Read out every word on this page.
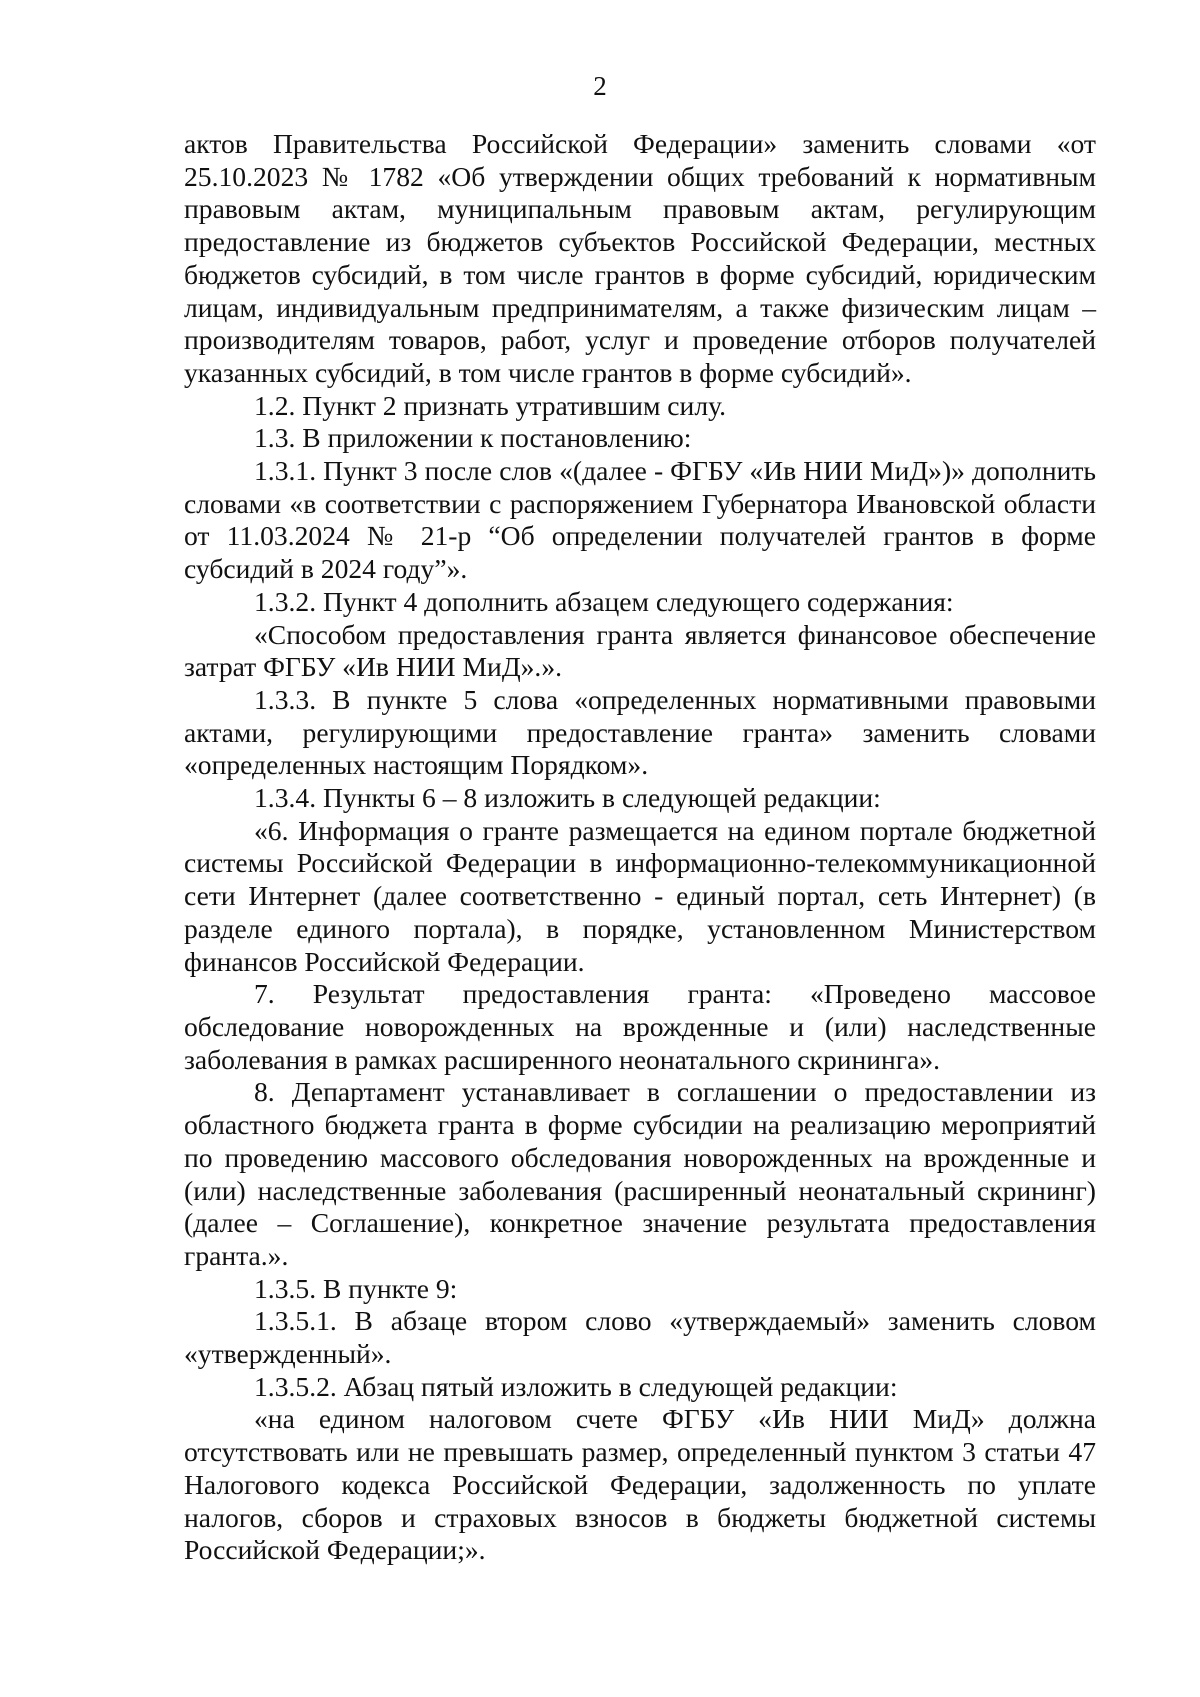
2

актов Правительства Российской Федерации» заменить словами «от 25.10.2023 № 1782 «Об утверждении общих требований к нормативным правовым актам, муниципальным правовым актам, регулирующим предоставление из бюджетов субъектов Российской Федерации, местных бюджетов субсидий, в том числе грантов в форме субсидий, юридическим лицам, индивидуальным предпринимателям, а также физическим лицам – производителям товаров, работ, услуг и проведение отборов получателей указанных субсидий, в том числе грантов в форме субсидий».

1.2. Пункт 2 признать утратившим силу.

1.3. В приложении к постановлению:

1.3.1. Пункт 3 после слов «(далее - ФГБУ «Ив НИИ МиД»)» дополнить словами «в соответствии с распоряжением Губернатора Ивановской области от 11.03.2024 № 21-р “Об определении получателей грантов в форме субсидий в 2024 году”».

1.3.2. Пункт 4 дополнить абзацем следующего содержания:

«Способом предоставления гранта является финансовое обеспечение затрат ФГБУ «Ив НИИ МиД».».

1.3.3. В пункте 5 слова «определенных нормативными правовыми актами, регулирующими предоставление гранта» заменить словами «определенных настоящим Порядком».

1.3.4. Пункты 6 – 8 изложить в следующей редакции:

«6. Информация о гранте размещается на едином портале бюджетной системы Российской Федерации в информационно-телекоммуникационной сети Интернет (далее соответственно - единый портал, сеть Интернет) (в разделе единого портала), в порядке, установленном Министерством финансов Российской Федерации.

7. Результат предоставления гранта: «Проведено массовое обследование новорожденных на врожденные и (или) наследственные заболевания в рамках расширенного неонатального скрининга».

8. Департамент устанавливает в соглашении о предоставлении из областного бюджета гранта в форме субсидии на реализацию мероприятий по проведению массового обследования новорожденных на врожденные и (или) наследственные заболевания (расширенный неонатальный скрининг) (далее – Соглашение), конкретное значение результата предоставления гранта.».

1.3.5. В пункте 9:

1.3.5.1. В абзаце втором слово «утверждаемый» заменить словом «утвержденный».

1.3.5.2. Абзац пятый изложить в следующей редакции:

«на едином налоговом счете ФГБУ «Ив НИИ МиД» должна отсутствовать или не превышать размер, определенный пунктом 3 статьи 47 Налогового кодекса Российской Федерации, задолженность по уплате налогов, сборов и страховых взносов в бюджеты бюджетной системы Российской Федерации;».
